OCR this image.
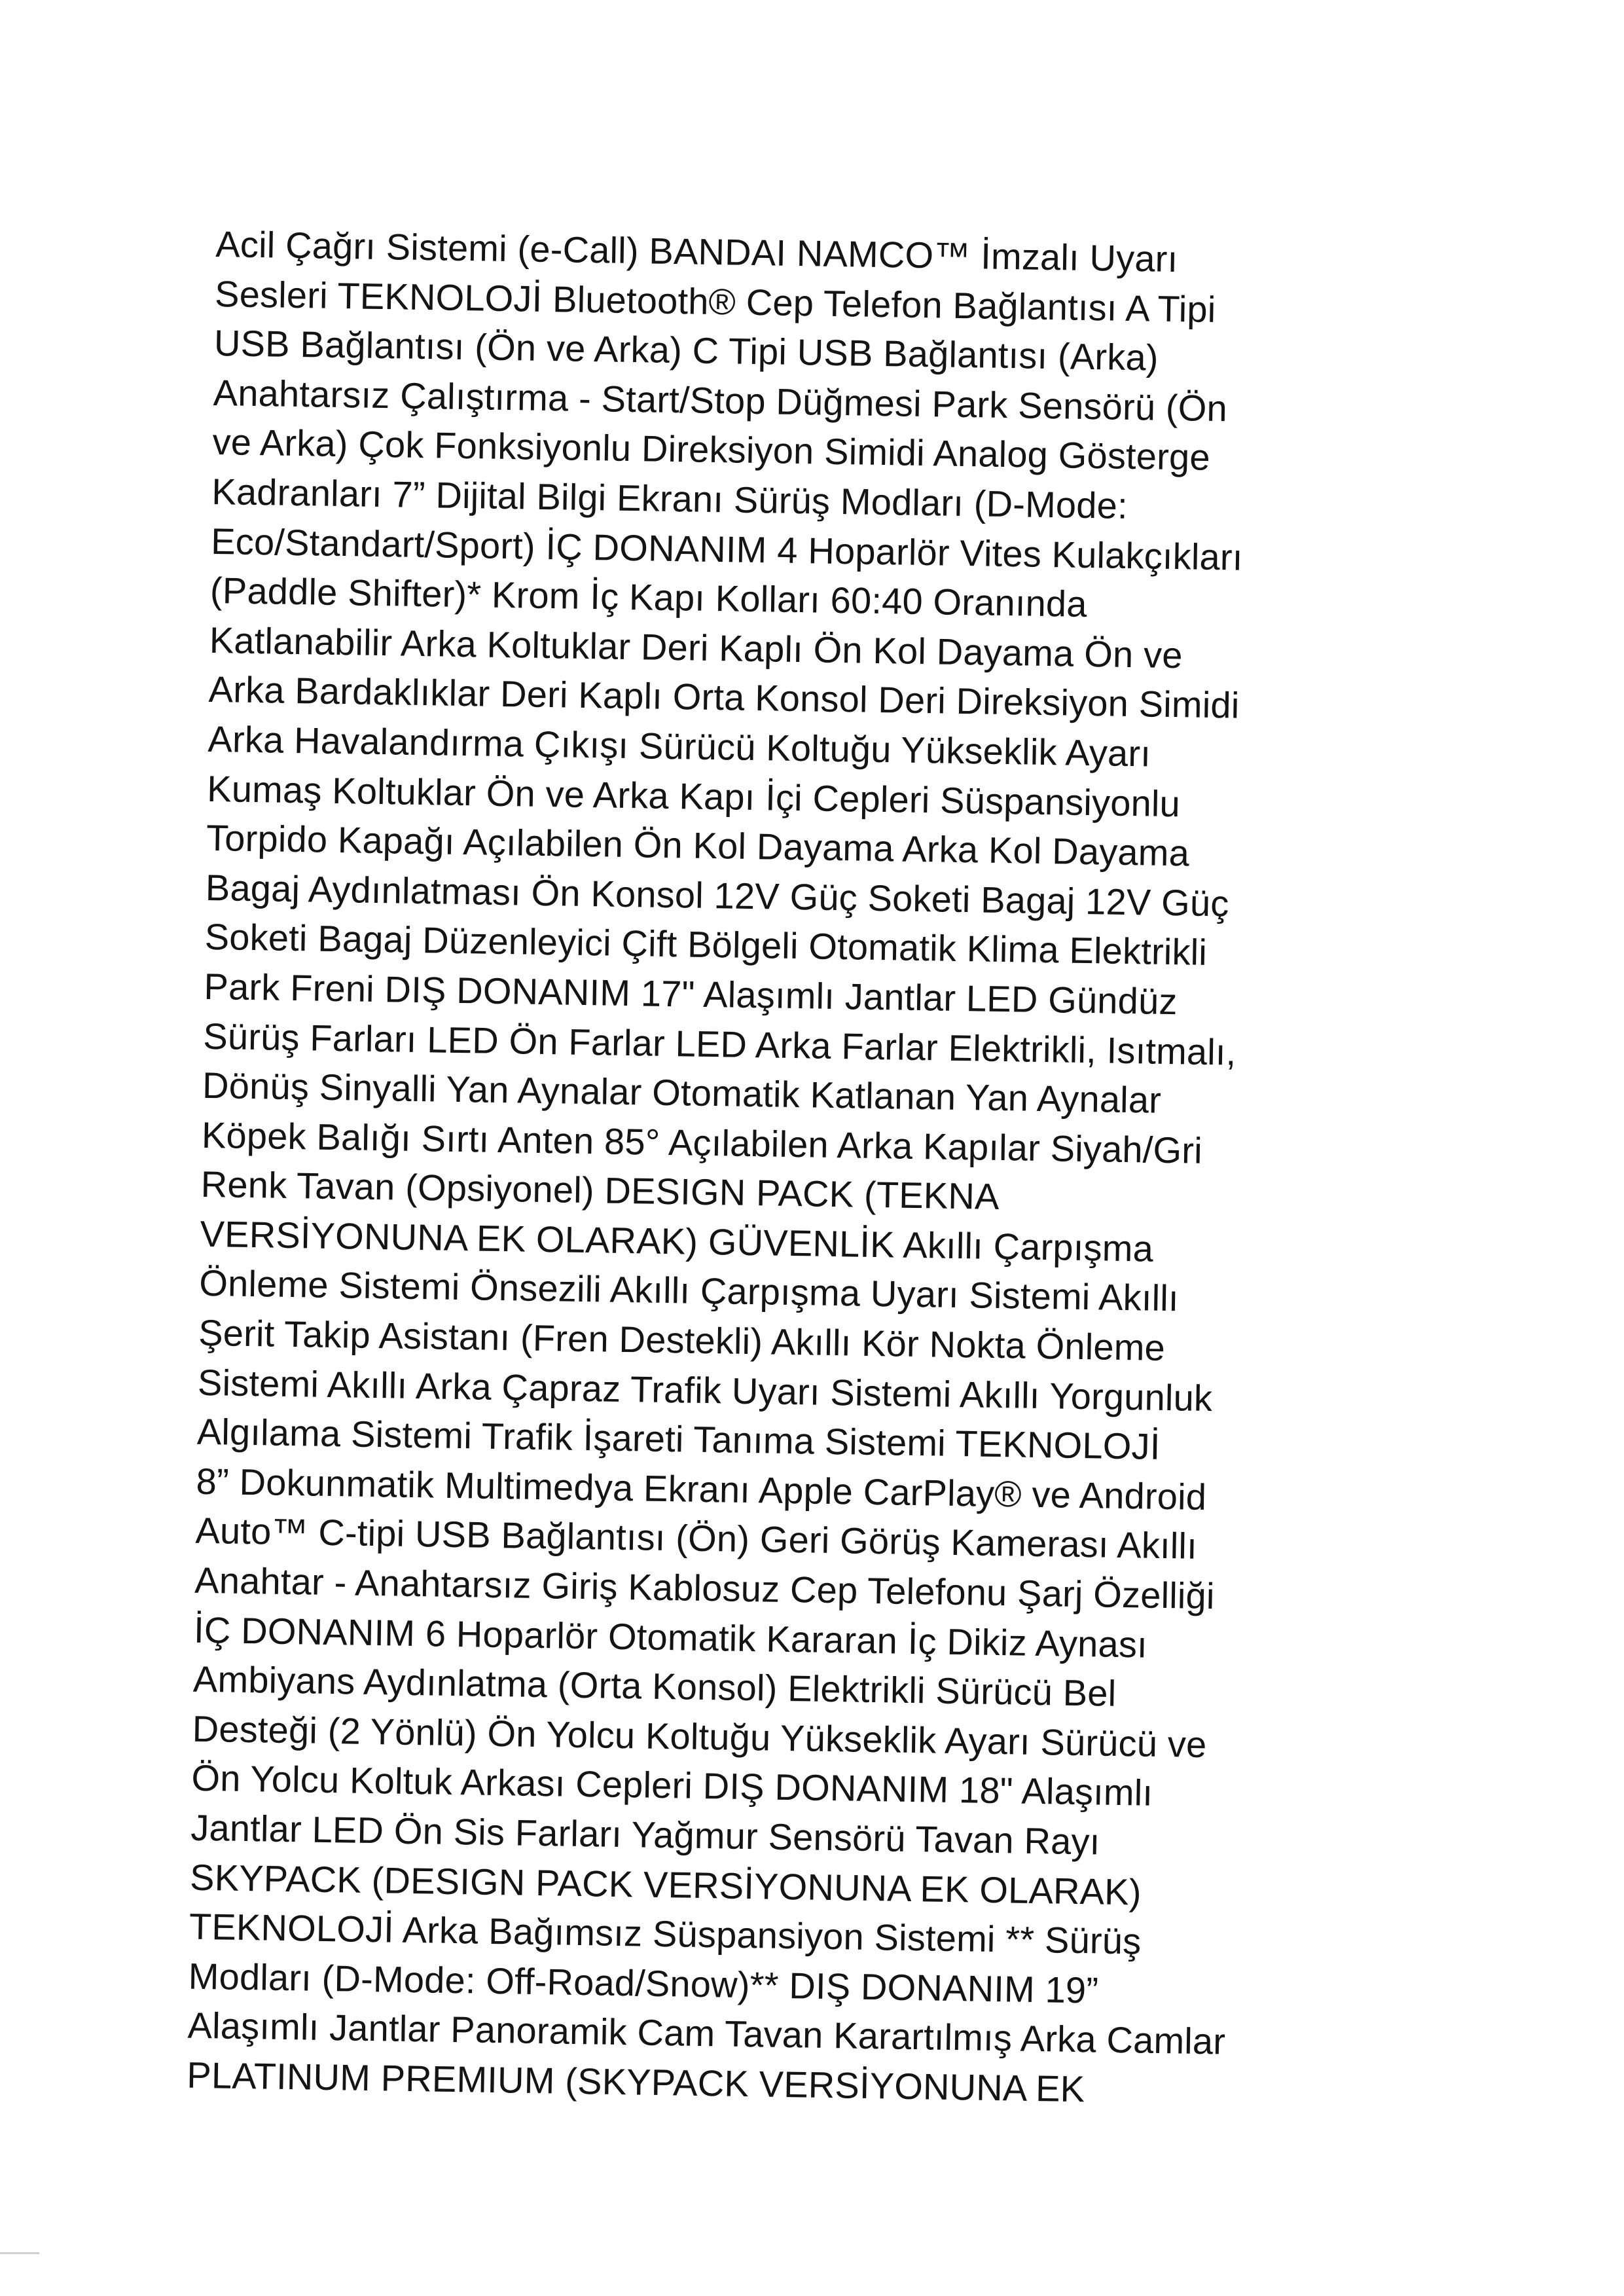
Acil Çağrı Sistemi (e-Call) BANDAI NAMCO™ İmzalı Uyarı
Sesleri TEKNOLOJİ Bluetooth® Cep Telefon Bağlantısı A Tipi
USB Bağlantısı (Ön ve Arka) C Tipi USB Bağlantısı (Arka)
Anahtarsız Çalıştırma - Start/Stop Düğmesi Park Sensörü (Ön
ve Arka) Çok Fonksiyonlu Direksiyon Simidi Analog Gösterge
Kadranları 7” Dijital Bilgi Ekranı Sürüş Modları (D-Mode:
Eco/Standart/Sport) İÇ DONANIM 4 Hoparlör Vites Kulakçıkları
(Paddle Shifter)* Krom İç Kapı Kolları 60:40 Oranında
Katlanabilir Arka Koltuklar Deri Kaplı Ön Kol Dayama Ön ve
Arka Bardaklıklar Deri Kaplı Orta Konsol Deri Direksiyon Simidi
Arka Havalandırma Çıkışı Sürücü Koltuğu Yükseklik Ayarı
Kumaş Koltuklar Ön ve Arka Kapı İçi Cepleri Süspansiyonlu
Torpido Kapağı Açılabilen Ön Kol Dayama Arka Kol Dayama
Bagaj Aydınlatması Ön Konsol 12V Güç Soketi Bagaj 12V Güç
Soketi Bagaj Düzenleyici Çift Bölgeli Otomatik Klima Elektrikli
Park Freni DIŞ DONANIM 17" Alaşımlı Jantlar LED Gündüz
Sürüş Farları LED Ön Farlar LED Arka Farlar Elektrikli, Isıtmalı,
Dönüş Sinyalli Yan Aynalar Otomatik Katlanan Yan Aynalar
Köpek Balığı Sırtı Anten 85° Açılabilen Arka Kapılar Siyah/Gri
Renk Tavan (Opsiyonel) DESIGN PACK (TEKNA
VERSİYONUNA EK OLARAK) GÜVENLİK Akıllı Çarpışma
Önleme Sistemi Önsezili Akıllı Çarpışma Uyarı Sistemi Akıllı
Şerit Takip Asistanı (Fren Destekli) Akıllı Kör Nokta Önleme
Sistemi Akıllı Arka Çapraz Trafik Uyarı Sistemi Akıllı Yorgunluk
Algılama Sistemi Trafik İşareti Tanıma Sistemi TEKNOLOJİ
8” Dokunmatik Multimedya Ekranı Apple CarPlay® ve Android
Auto™ C-tipi USB Bağlantısı (Ön) Geri Görüş Kamerası Akıllı
Anahtar - Anahtarsız Giriş Kablosuz Cep Telefonu Şarj Özelliği
İÇ DONANIM 6 Hoparlör Otomatik Kararan İç Dikiz Aynası
Ambiyans Aydınlatma (Orta Konsol) Elektrikli Sürücü Bel
Desteği (2 Yönlü) Ön Yolcu Koltuğu Yükseklik Ayarı Sürücü ve
Ön Yolcu Koltuk Arkası Cepleri DIŞ DONANIM 18" Alaşımlı
Jantlar LED Ön Sis Farları Yağmur Sensörü Tavan Rayı
SKYPACK (DESIGN PACK VERSİYONUNA EK OLARAK)
TEKNOLOJİ Arka Bağımsız Süspansiyon Sistemi ** Sürüş
Modları (D-Mode: Off-Road/Snow)** DIŞ DONANIM 19”
Alaşımlı Jantlar Panoramik Cam Tavan Karartılmış Arka Camlar
PLATINUM PREMIUM (SKYPACK VERSİYONUNA EK
